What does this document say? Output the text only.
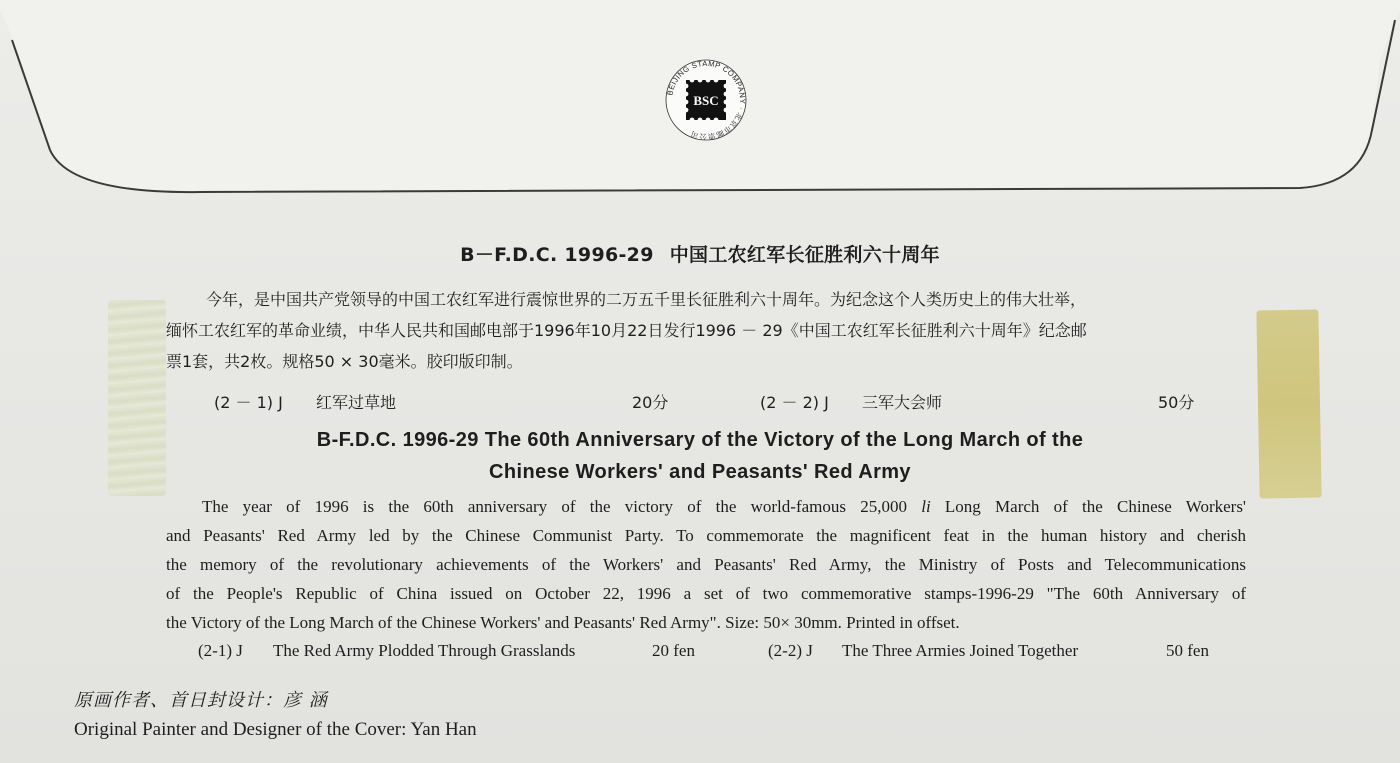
BEIJING STAMP COMPANY · 北京市邮票公司
BSC
B－F.D.C. 1996-29 中国工农红军长征胜利六十周年
今年，是中国共产党领导的中国工农红军进行震惊世界的二万五千里长征胜利六十周年。为纪念这个人类历史上的伟大壮举，
缅怀工农红军的革命业绩，中华人民共和国邮电部于1996年10月22日发行1996 － 29《中国工农红军长征胜利六十周年》纪念邮
票1套，共2枚。规格50 × 30毫米。胶印版印制。
(2 － 1) J 红军过草地	20分	(2 － 2) J 三军大会师	50分
B-F.D.C. 1996-29 The 60th Anniversary of the Victory of the Long March of the
Chinese Workers' and Peasants' Red Army
The year of 1996 is the 60th anniversary of the victory of the world-famous 25,000 li Long March of the Chinese Workers'
and Peasants' Red Army led by the Chinese Communist Party. To commemorate the magnificent feat in the human history and cherish
the memory of the revolutionary achievements of the Workers' and Peasants' Red Army, the Ministry of Posts and Telecommunications
of the People's Republic of China issued on October 22, 1996 a set of two commemorative stamps-1996-29 "The 60th Anniversary of
the Victory of the Long March of the Chinese Workers' and Peasants' Red Army". Size: 50× 30mm. Printed in offset.
(2-1) J The Red Army Plodded Through Grasslands	20 fen	(2-2) J The Three Armies Joined Together	50 fen
原画作者、首日封设计：彦 涵
Original Painter and Designer of the Cover: Yan Han
